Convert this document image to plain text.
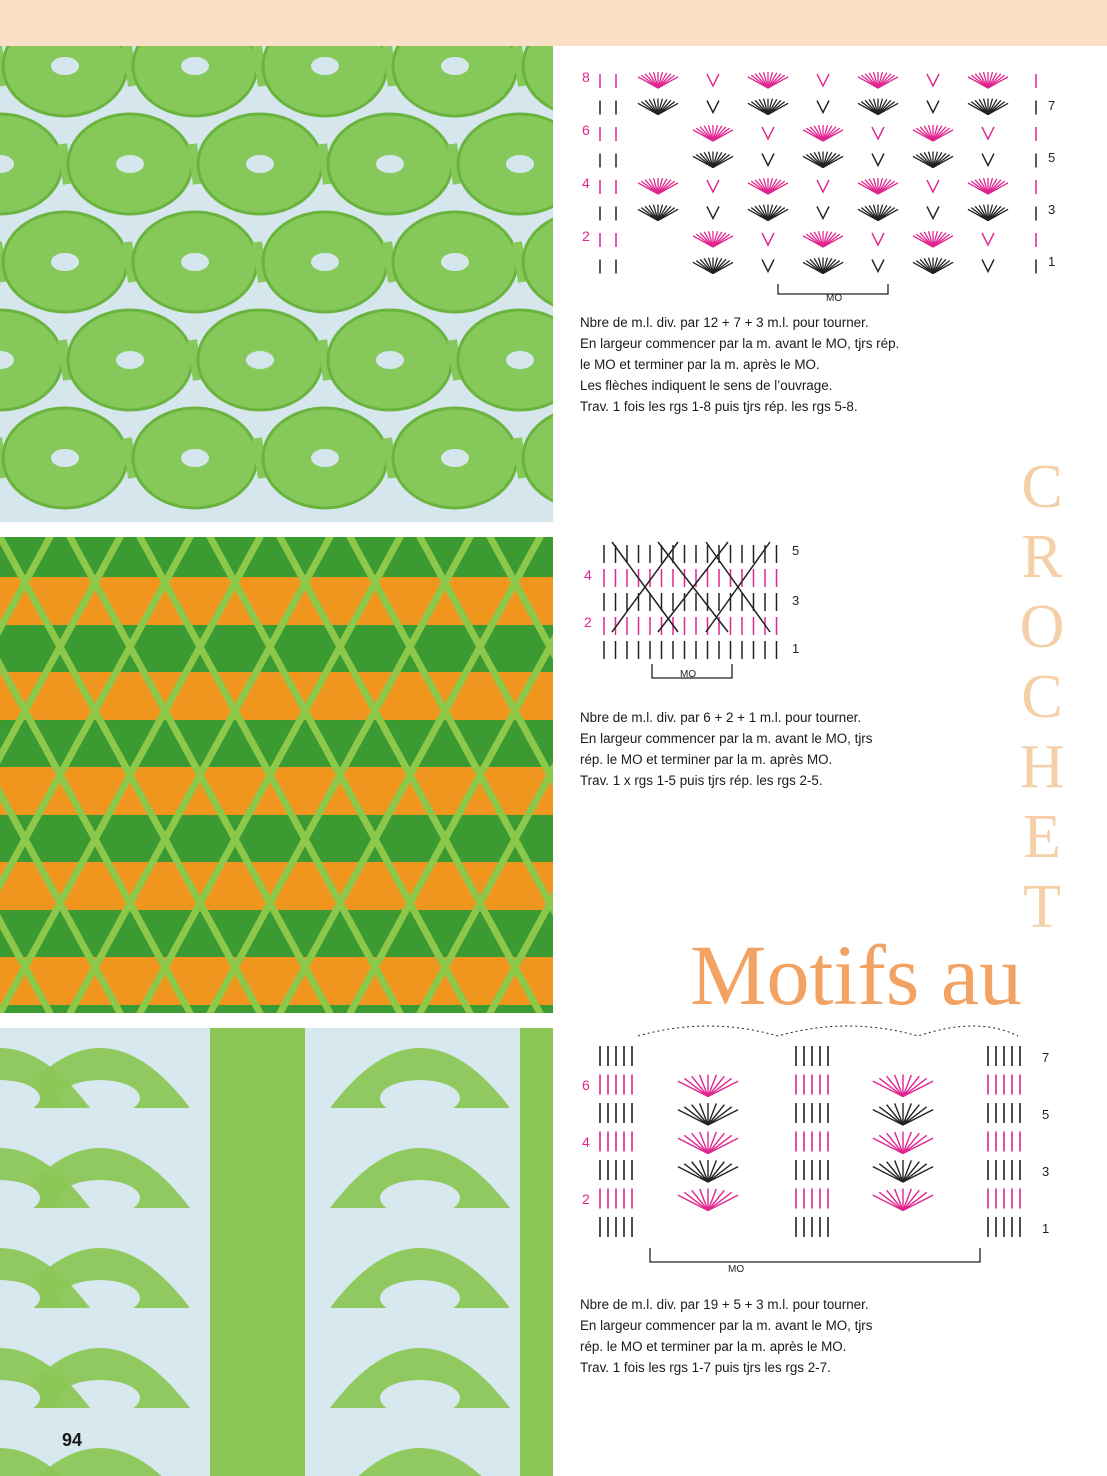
8
6
4
2
7
5
3
1
MO
4
2
5
3
1
MO
6
4
2
7
5
3
1
MO
Nbre de m.l. div. par 12 + 7 + 3 m.l. pour tourner.
En largeur commencer par la m. avant le MO, tjrs rép.
le MO et terminer par la m. après le MO.
Les flèches indiquent le sens de l’ouvrage.
Trav. 1 fois les rgs 1-8 puis tjrs rép. les rgs 5-8.
Nbre de m.l. div. par 6 + 2 + 1 m.l. pour tourner.
En largeur commencer par la m. avant le MO, tjrs
rép. le MO et terminer par la m. après MO.
Trav. 1 x rgs 1-5 puis tjrs rép. les rgs 2-5.
Nbre de m.l. div. par 19 + 5 + 3 m.l. pour tourner.
En largeur commencer par la m. avant le MO, tjrs
rép. le MO et terminer par la m. après le MO.
Trav. 1 fois les rgs 1-7 puis tjrs les rgs 2-7.
C
R
O
C
H
E
T
Motifs au
94
